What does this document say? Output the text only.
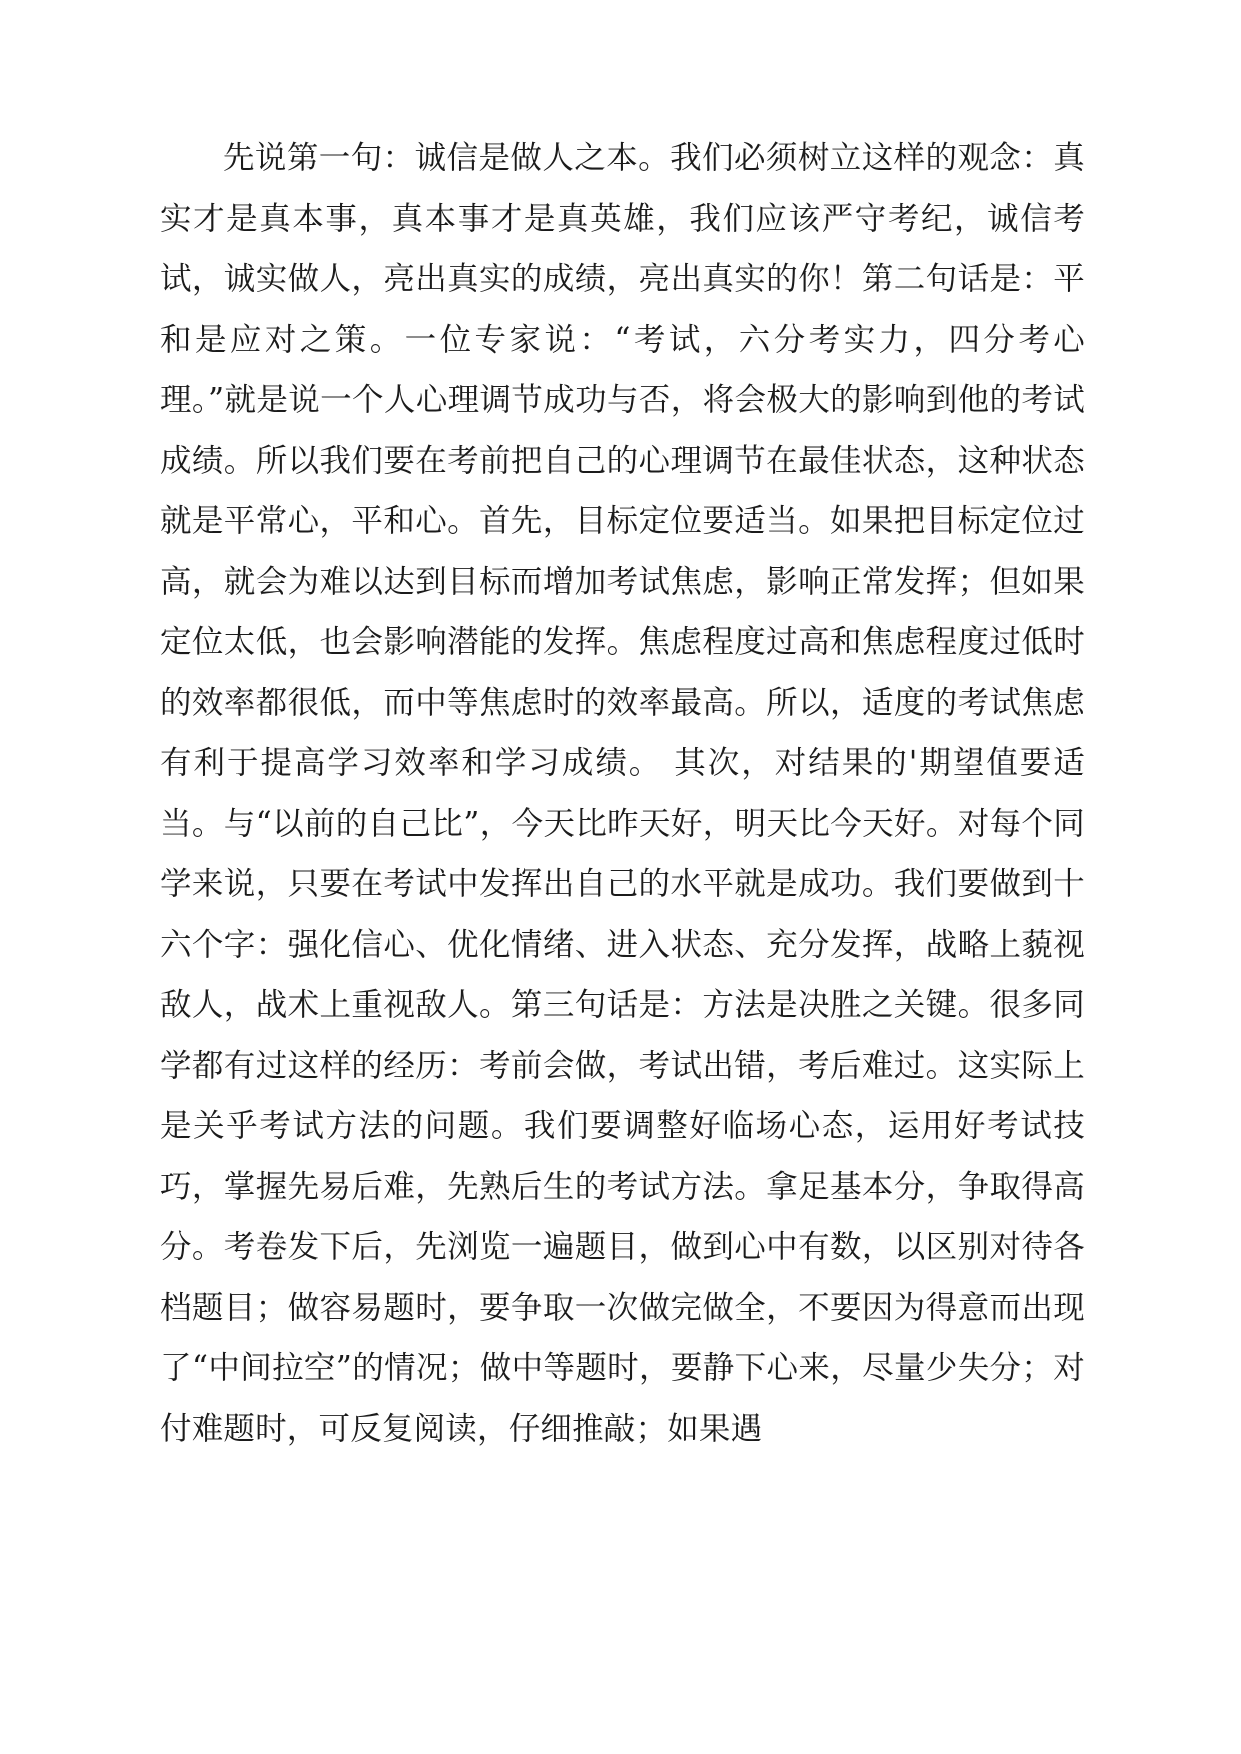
先说第一句：诚信是做人之本。我们必须树立这样的观念：真实才是真本事，真本事才是真英雄，我们应该严守考纪，诚信考试，诚实做人，亮出真实的成绩，亮出真实的你！第二句话是：平和是应对之策。一位专家说：“考试，六分考实力，四分考心理。”就是说一个人心理调节成功与否，将会极大的影响到他的考试成绩。所以我们要在考前把自己的心理调节在最佳状态，这种状态就是平常心，平和心。首先，目标定位要适当。如果把目标定位过高，就会为难以达到目标而增加考试焦虑，影响正常发挥；但如果定位太低，也会影响潜能的发挥。焦虑程度过高和焦虑程度过低时的效率都很低，而中等焦虑时的效率最高。所以，适度的考试焦虑有利于提高学习效率和学习成绩。 其次，对结果的'期望值要适当。与“以前的自己比”，今天比昨天好，明天比今天好。对每个同学来说，只要在考试中发挥出自己的水平就是成功。我们要做到十六个字：强化信心、优化情绪、进入状态、充分发挥，战略上藐视敌人，战术上重视敌人。第三句话是：方法是决胜之关键。很多同学都有过这样的经历：考前会做，考试出错，考后难过。这实际上是关乎考试方法的问题。我们要调整好临场心态，运用好考试技巧，掌握先易后难，先熟后生的考试方法。拿足基本分，争取得高分。考卷发下后，先浏览一遍题目，做到心中有数，以区别对待各档题目；做容易题时，要争取一次做完做全，不要因为得意而出现了“中间拉空”的情况；做中等题时，要静下心来，尽量少失分；对付难题时，可反复阅读，仔细推敲；如果遇
